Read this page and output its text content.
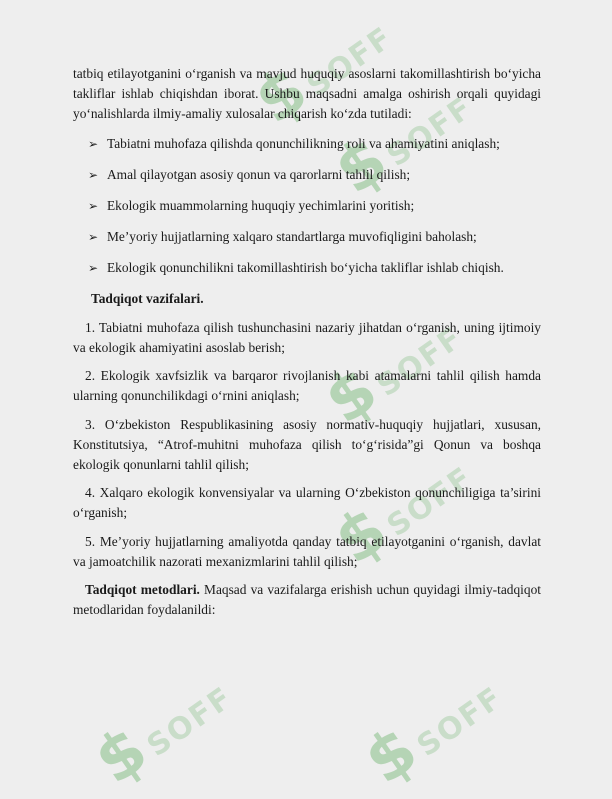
$ SOFF
$ SOFF
$ SOFF
$ SOFF
$ SOFF $ SOFF

tatbiq etilayotganini o‘rganish va mavjud huquqiy asoslarni takomillashtirish bo‘yicha takliflar ishlab chiqishdan iborat. Ushbu maqsadni amalga oshirish orqali quyidagi yo‘nalishlarda ilmiy-amaliy xulosalar chiqarish ko‘zda tutiladi:

➢ Tabiatni muhofaza qilishda qonunchilikning roli va ahamiyatini aniqlash;
➢ Amal qilayotgan asosiy qonun va qarorlarni tahlil qilish;
➢ Ekologik muammolarning huquqiy yechimlarini yoritish;
➢ Me’yoriy hujjatlarning xalqaro standartlarga muvofiqligini baholash;
➢ Ekologik qonunchilikni takomillashtirish bo‘yicha takliflar ishlab chiqish.

Tadqiqot vazifalari.

1. Tabiatni muhofaza qilish tushunchasini nazariy jihatdan o‘rganish, uning ijtimoiy va ekologik ahamiyatini asoslab berish;

2. Ekologik xavfsizlik va barqaror rivojlanish kabi atamalarni tahlil qilish hamda ularning qonunchilikdagi o‘rnini aniqlash;

3. O‘zbekiston Respublikasining asosiy normativ-huquqiy hujjatlari, xususan, Konstitutsiya, “Atrof-muhitni muhofaza qilish to‘g‘risida”gi Qonun va boshqa ekologik qonunlarni tahlil qilish;

4. Xalqaro ekologik konvensiyalar va ularning O‘zbekiston qonunchiligiga ta’sirini o‘rganish;

5. Me’yoriy hujjatlarning amaliyotda qanday tatbiq etilayotganini o‘rganish, davlat va jamoatchilik nazorati mexanizmlarini tahlil qilish;

Tadqiqot metodlari. Maqsad va vazifalarga erishish uchun quyidagi ilmiy-tadqiqot metodlaridan foydalanildi:
